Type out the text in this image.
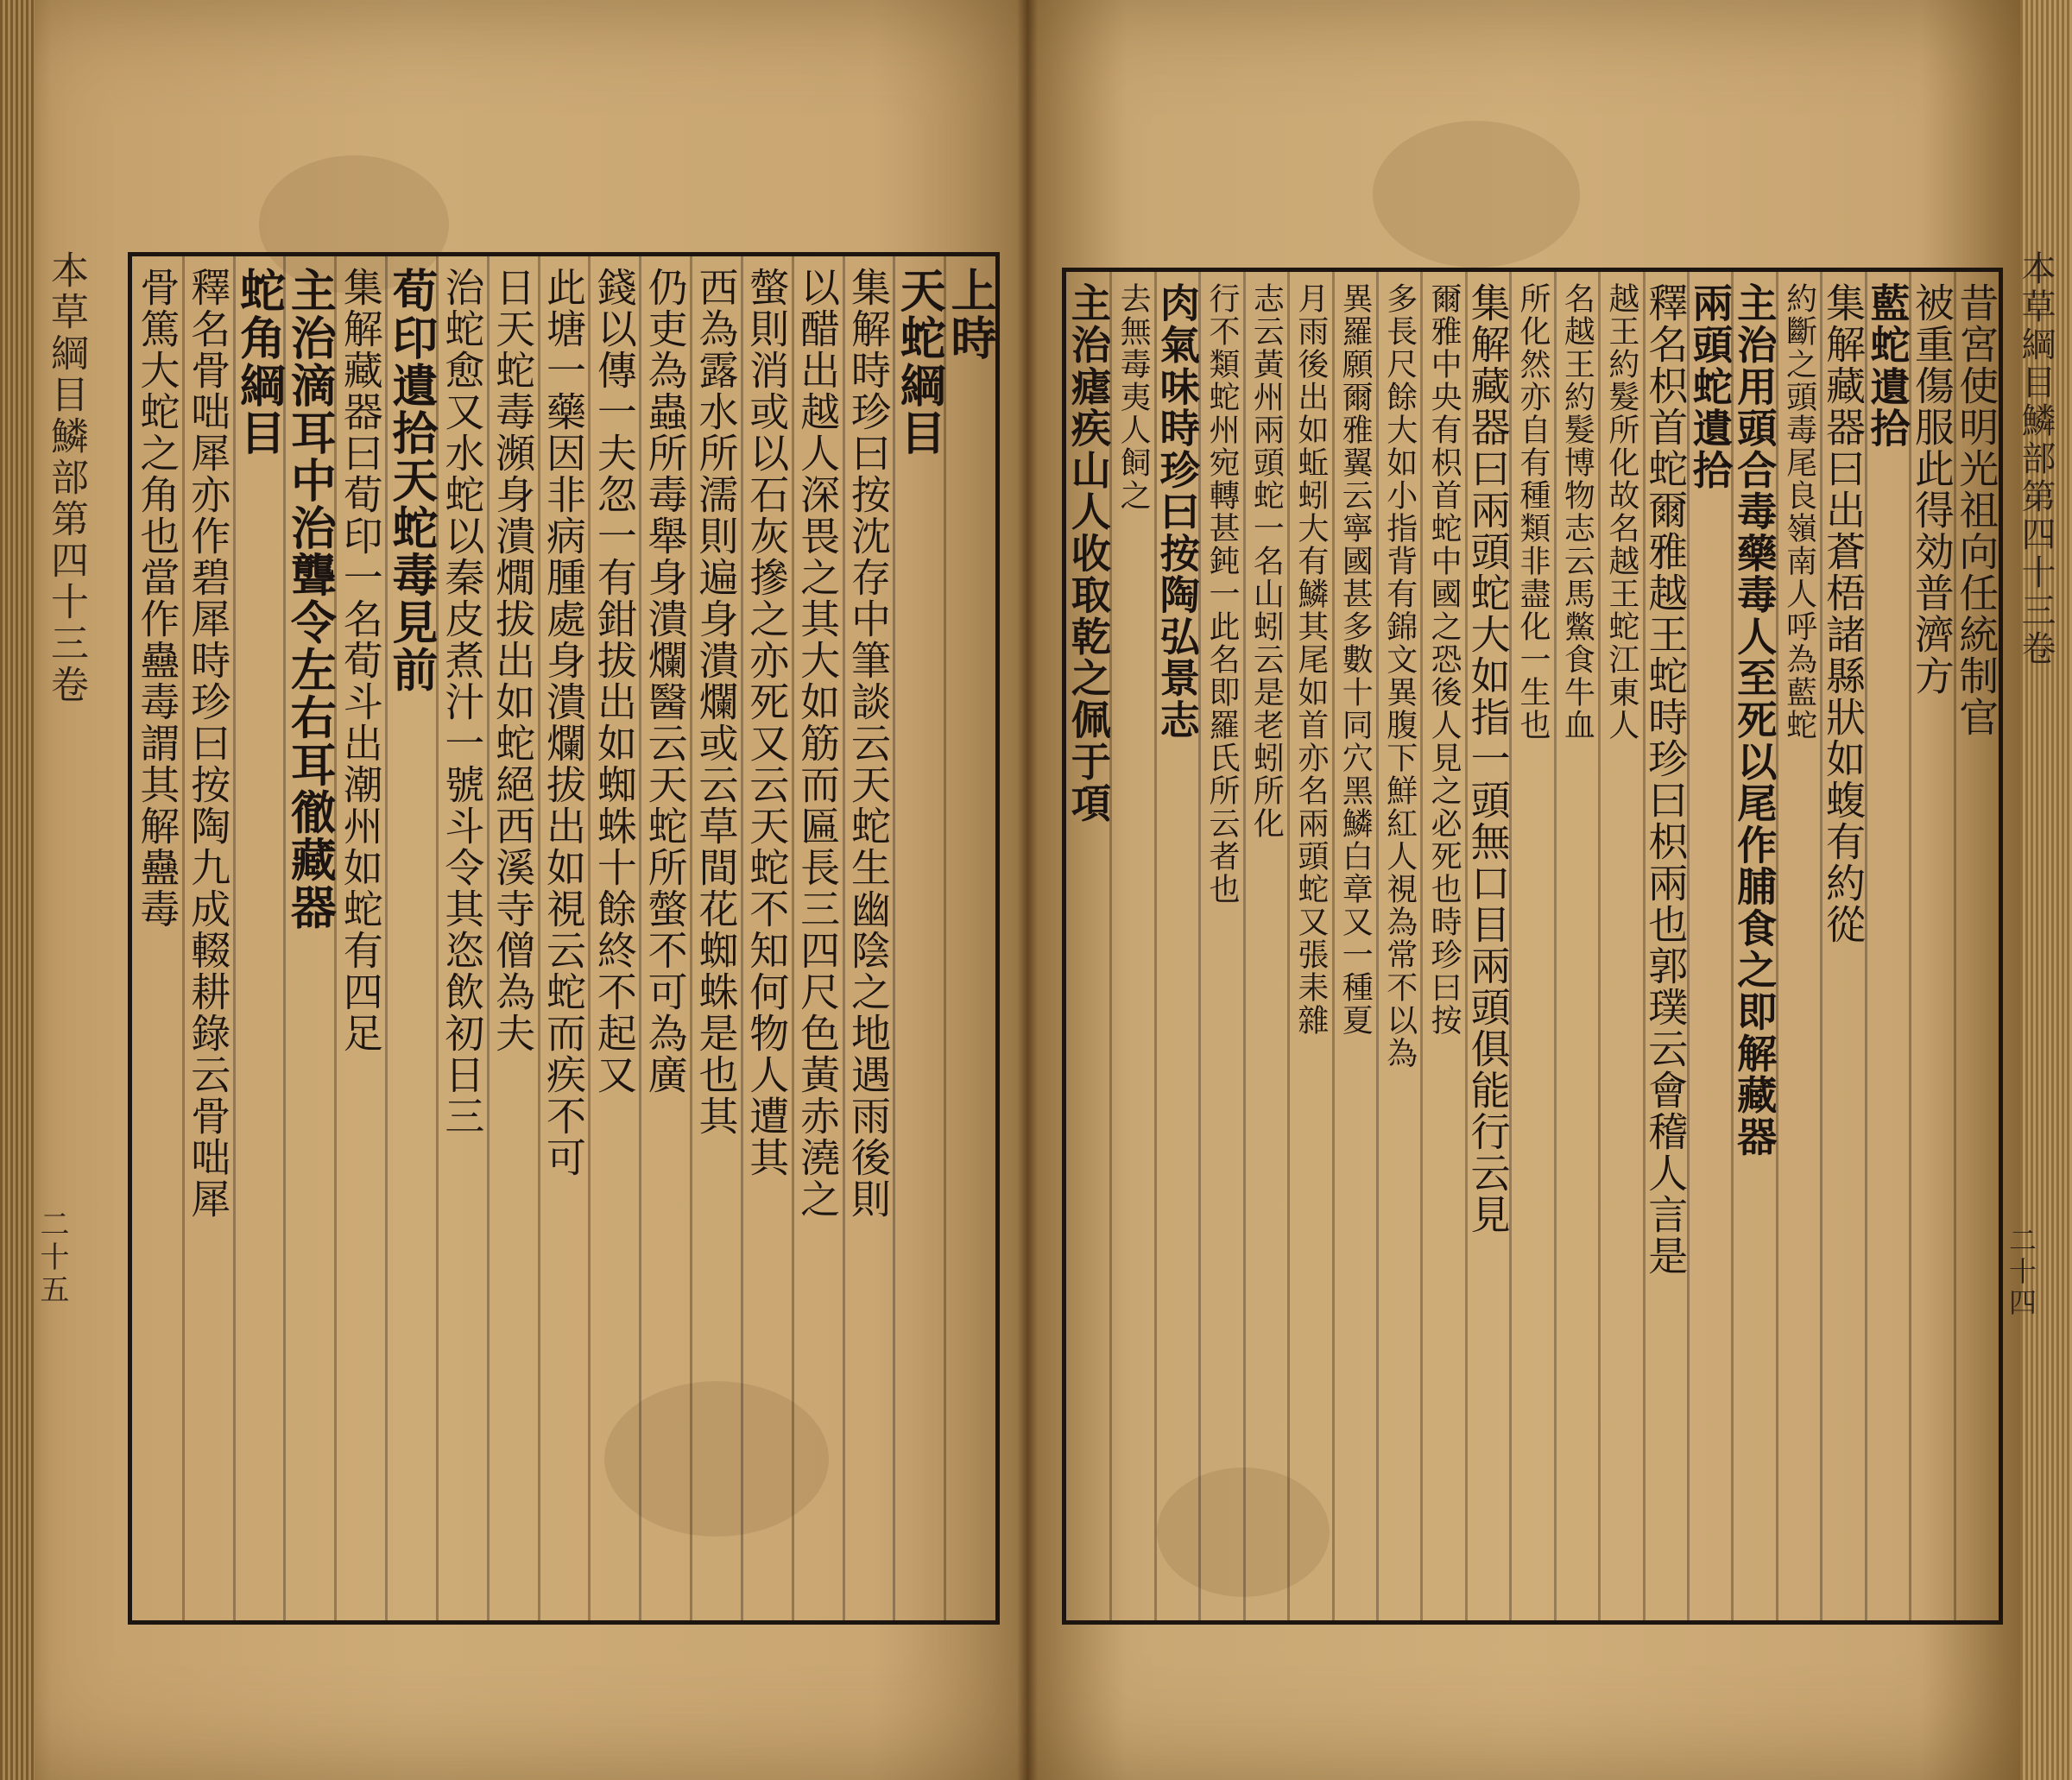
本草綱目鱗部第四十三卷	本草綱目鱗部第四十三卷
二十五	二十四
上時
天蛇綱目
集解時珍曰按沈存中筆談云天蛇生幽陰之地遇雨後則
以醋出越人深畏之其大如筋而匾長三四尺色黃赤澆之
螫則消或以石灰摻之亦死又云天蛇不知何物人遭其
西為露水所濡則遍身潰爛或云草間花蜘蛛是也其
仍吏為蟲所毒舉身潰爛醫云天蛇所螫不可為廣
錢以傳一夫忽一有鉗拔出如蜘蛛十餘終不起又
此塘一藥因非病腫處身潰爛拔出如視云蛇而疾不可
日天蛇毒瀕身潰燗拔出如蛇絕西溪寺僧為夫
治蛇愈又水蛇以秦皮煮汁一號斗令其恣飲初日三
荀印遺拾天蛇毒見前
集解藏器曰荀印一名荀斗出潮州如蛇有四足
主治滴耳中治聾令左右耳徹藏器
蛇角綱目
釋名骨咄犀亦作碧犀時珍曰按陶九成輟耕錄云骨咄犀
骨篤大蛇之角也當作蠱毒謂其解蠱毒	昔宮使明光祖向任統制官
被重傷服此得効普濟方
藍蛇遺拾
集解藏器曰出蒼梧諸縣狀如蝮有約從
約斷之頭毒尾良嶺南人呼為藍蛇
主治用頭合毒藥毒人至死以尾作脯食之即解藏器
兩頭蛇遺拾
釋名枳首蛇爾雅越王蛇時珍曰枳兩也郭璞云會稽人言是
越王約髮所化故名越王蛇江東人
名越王約髮博物志云馬鱉食牛血
所化然亦自有種類非盡化一生也
集解藏器曰兩頭蛇大如指一頭無口目兩頭俱能行云見
爾雅中央有枳首蛇中國之恐後人見之必死也時珍曰按
多長尺餘大如小指背有錦文異腹下鮮紅人視為常不以為
異羅願爾雅翼云寧國甚多數十同穴黑鱗白章又一種夏
月雨後出如蚯蚓大有鱗其尾如首亦名兩頭蛇又張耒雜
志云黃州兩頭蛇一名山蚓云是老蚓所化
行不類蛇州宛轉甚鈍一此名即羅氏所云者也
肉氣味時珍曰按陶弘景志
去無毒夷人飼之
主治瘧疾山人收取乾之佩于項
